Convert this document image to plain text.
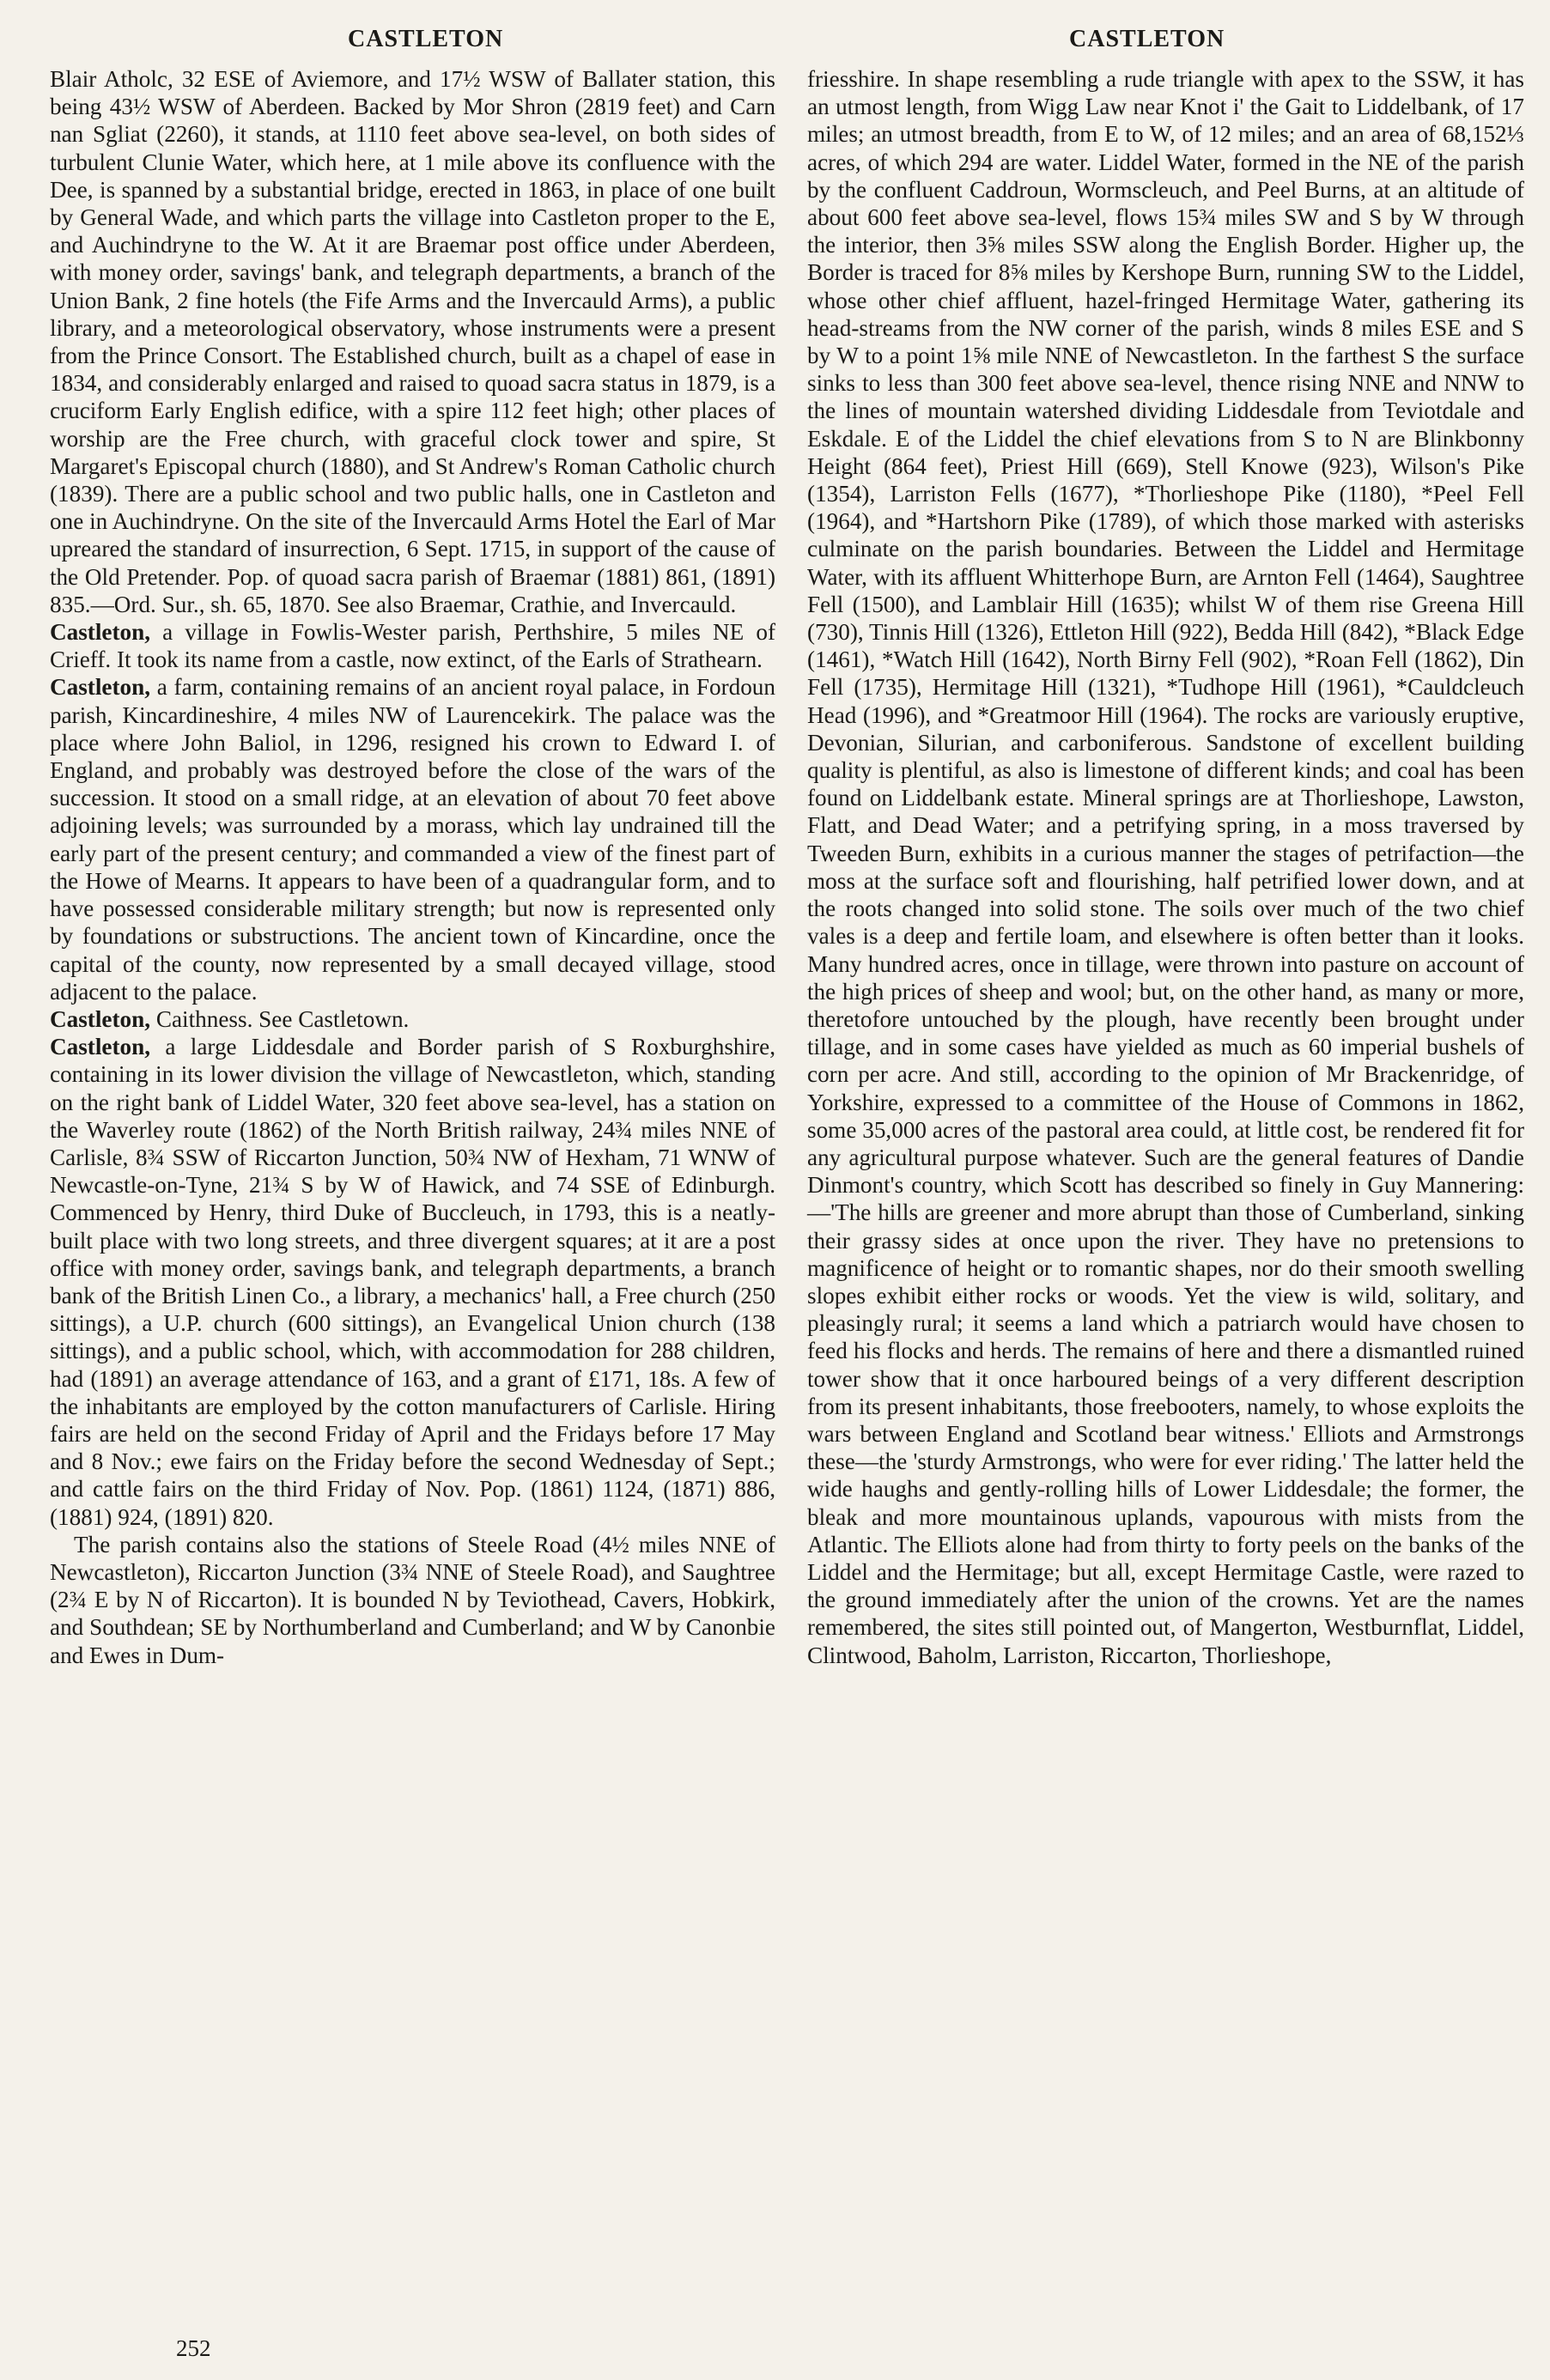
CASTLETON	CASTLETON

Blair Atholc, 32 ESE of Aviemore, and 17½ WSW of Ballater station, this being 43½ WSW of Aberdeen. Backed by Mor Shron (2819 feet) and Carn nan Sgliat (2260), it stands, at 1110 feet above sea-level, on both sides of turbulent Clunie Water, which here, at 1 mile above its confluence with the Dee, is spanned by a substantial bridge, erected in 1863, in place of one built by General Wade, and which parts the village into Castleton proper to the E, and Auchindryne to the W. At it are Braemar post office under Aberdeen, with money order, savings' bank, and telegraph departments, a branch of the Union Bank, 2 fine hotels (the Fife Arms and the Invercauld Arms), a public library, and a meteorological observatory, whose instruments were a present from the Prince Consort. The Established church, built as a chapel of ease in 1834, and considerably enlarged and raised to quoad sacra status in 1879, is a cruciform Early English edifice, with a spire 112 feet high; other places of worship are the Free church, with graceful clock tower and spire, St Margaret's Episcopal church (1880), and St Andrew's Roman Catholic church (1839). There are a public school and two public halls, one in Castleton and one in Auchindryne. On the site of the Invercauld Arms Hotel the Earl of Mar upreared the standard of insurrection, 6 Sept. 1715, in support of the cause of the Old Pretender. Pop. of quoad sacra parish of Braemar (1881) 861, (1891) 835.—Ord. Sur., sh. 65, 1870. See also Braemar, Crathie, and Invercauld.

Castleton, a village in Fowlis-Wester parish, Perthshire, 5 miles NE of Crieff. It took its name from a castle, now extinct, of the Earls of Strathearn.

Castleton, a farm, containing remains of an ancient royal palace, in Fordoun parish, Kincardineshire, 4 miles NW of Laurencekirk. The palace was the place where John Baliol, in 1296, resigned his crown to Edward I. of England, and probably was destroyed before the close of the wars of the succession. It stood on a small ridge, at an elevation of about 70 feet above adjoining levels; was surrounded by a morass, which lay undrained till the early part of the present century; and commanded a view of the finest part of the Howe of Mearns. It appears to have been of a quadrangular form, and to have possessed considerable military strength; but now is represented only by foundations or substructions. The ancient town of Kincardine, once the capital of the county, now represented by a small decayed village, stood adjacent to the palace.

Castleton, Caithness. See Castletown.

Castleton, a large Liddesdale and Border parish of S Roxburghshire, containing in its lower division the village of Newcastleton, which, standing on the right bank of Liddel Water, 320 feet above sea-level, has a station on the Waverley route (1862) of the North British railway, 24¾ miles NNE of Carlisle, 8¾ SSW of Riccarton Junction, 50¾ NW of Hexham, 71 WNW of Newcastle-on-Tyne, 21¾ S by W of Hawick, and 74 SSE of Edinburgh. Commenced by Henry, third Duke of Buccleuch, in 1793, this is a neatly-built place with two long streets, and three divergent squares; at it are a post office with money order, savings bank, and telegraph departments, a branch bank of the British Linen Co., a library, a mechanics' hall, a Free church (250 sittings), a U.P. church (600 sittings), an Evangelical Union church (138 sittings), and a public school, which, with accommodation for 288 children, had (1891) an average attendance of 163, and a grant of £171, 18s. A few of the inhabitants are employed by the cotton manufacturers of Carlisle. Hiring fairs are held on the second Friday of April and the Fridays before 17 May and 8 Nov.; ewe fairs on the Friday before the second Wednesday of Sept.; and cattle fairs on the third Friday of Nov. Pop. (1861) 1124, (1871) 886, (1881) 924, (1891) 820.

The parish contains also the stations of Steele Road (4½ miles NNE of Newcastleton), Riccarton Junction (3¾ NNE of Steele Road), and Saughtree (2¾ E by N of Riccarton). It is bounded N by Teviothead, Cavers, Hobkirk, and Southdean; SE by Northumberland and Cumberland; and W by Canonbie and Ewes in Dum-

friesshire. In shape resembling a rude triangle with apex to the SSW, it has an utmost length, from Wigg Law near Knot i' the Gait to Liddelbank, of 17 miles; an utmost breadth, from E to W, of 12 miles; and an area of 68,152⅓ acres, of which 294 are water. Liddel Water, formed in the NE of the parish by the confluent Caddroun, Wormscleuch, and Peel Burns, at an altitude of about 600 feet above sea-level, flows 15¾ miles SW and S by W through the interior, then 3⅝ miles SSW along the English Border. Higher up, the Border is traced for 8⅝ miles by Kershope Burn, running SW to the Liddel, whose other chief affluent, hazel-fringed Hermitage Water, gathering its head-streams from the NW corner of the parish, winds 8 miles ESE and S by W to a point 1⅝ mile NNE of Newcastleton. In the farthest S the surface sinks to less than 300 feet above sea-level, thence rising NNE and NNW to the lines of mountain watershed dividing Liddesdale from Teviotdale and Eskdale. E of the Liddel the chief elevations from S to N are Blinkbonny Height (864 feet), Priest Hill (669), Stell Knowe (923), Wilson's Pike (1354), Larriston Fells (1677), *Thorlieshope Pike (1180), *Peel Fell (1964), and *Hartshorn Pike (1789), of which those marked with asterisks culminate on the parish boundaries. Between the Liddel and Hermitage Water, with its affluent Whitterhope Burn, are Arnton Fell (1464), Saughtree Fell (1500), and Lamblair Hill (1635); whilst W of them rise Greena Hill (730), Tinnis Hill (1326), Ettleton Hill (922), Bedda Hill (842), *Black Edge (1461), *Watch Hill (1642), North Birny Fell (902), *Roan Fell (1862), Din Fell (1735), Hermitage Hill (1321), *Tudhope Hill (1961), *Cauldcleuch Head (1996), and *Greatmoor Hill (1964). The rocks are variously eruptive, Devonian, Silurian, and carboniferous. Sandstone of excellent building quality is plentiful, as also is limestone of different kinds; and coal has been found on Liddelbank estate. Mineral springs are at Thorlieshope, Lawston, Flatt, and Dead Water; and a petrifying spring, in a moss traversed by Tweeden Burn, exhibits in a curious manner the stages of petrifaction—the moss at the surface soft and flourishing, half petrified lower down, and at the roots changed into solid stone. The soils over much of the two chief vales is a deep and fertile loam, and elsewhere is often better than it looks. Many hundred acres, once in tillage, were thrown into pasture on account of the high prices of sheep and wool; but, on the other hand, as many or more, theretofore untouched by the plough, have recently been brought under tillage, and in some cases have yielded as much as 60 imperial bushels of corn per acre. And still, according to the opinion of Mr Brackenridge, of Yorkshire, expressed to a committee of the House of Commons in 1862, some 35,000 acres of the pastoral area could, at little cost, be rendered fit for any agricultural purpose whatever. Such are the general features of Dandie Dinmont's country, which Scott has described so finely in Guy Mannering: —'The hills are greener and more abrupt than those of Cumberland, sinking their grassy sides at once upon the river. They have no pretensions to magnificence of height or to romantic shapes, nor do their smooth swelling slopes exhibit either rocks or woods. Yet the view is wild, solitary, and pleasingly rural; it seems a land which a patriarch would have chosen to feed his flocks and herds. The remains of here and there a dismantled ruined tower show that it once harboured beings of a very different description from its present inhabitants, those freebooters, namely, to whose exploits the wars between England and Scotland bear witness.' Elliots and Armstrongs these—the 'sturdy Armstrongs, who were for ever riding.' The latter held the wide haughs and gently-rolling hills of Lower Liddesdale; the former, the bleak and more mountainous uplands, vapourous with mists from the Atlantic. The Elliots alone had from thirty to forty peels on the banks of the Liddel and the Hermitage; but all, except Hermitage Castle, were razed to the ground immediately after the union of the crowns. Yet are the names remembered, the sites still pointed out, of Mangerton, Westburnflat, Liddel, Clintwood, Baholm, Larriston, Riccarton, Thorlieshope,

252
